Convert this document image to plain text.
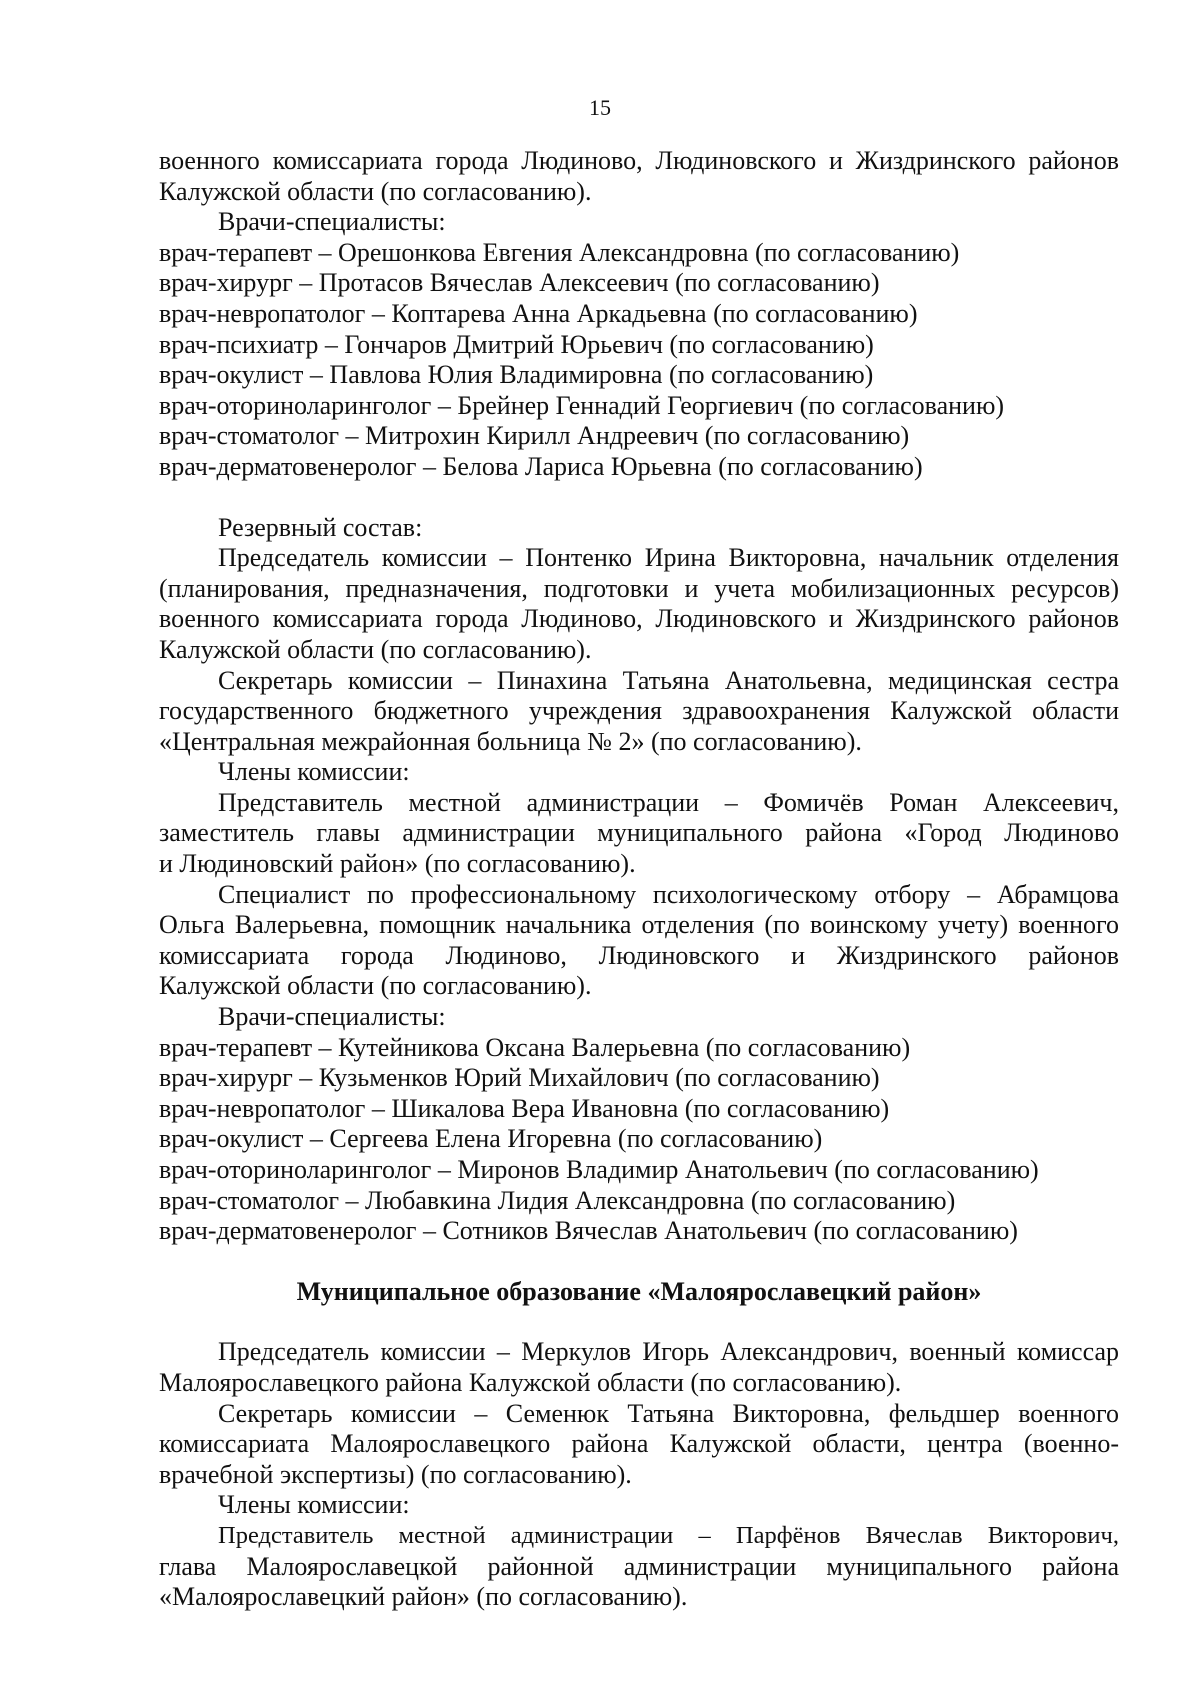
15
военного комиссариата города Людиново, Людиновского и Жиздринского районов
Калужской области (по согласованию).
Врачи-специалисты:
врач-терапевт – Орешонкова Евгения Александровна (по согласованию)
врач-хирург – Протасов Вячеслав Алексеевич (по согласованию)
врач-невропатолог – Коптарева Анна Аркадьевна (по согласованию)
врач-психиатр – Гончаров Дмитрий Юрьевич (по согласованию)
врач-окулист – Павлова Юлия Владимировна (по согласованию)
врач-оториноларинголог – Брейнер Геннадий Георгиевич (по согласованию)
врач-стоматолог – Митрохин Кирилл Андреевич (по согласованию)
врач-дерматовенеролог – Белова Лариса Юрьевна (по согласованию)
Резервный состав:
Председатель комиссии – Понтенко Ирина Викторовна, начальник отделения
(планирования, предназначения, подготовки и учета мобилизационных ресурсов)
военного комиссариата города Людиново, Людиновского и Жиздринского районов
Калужской области (по согласованию).
Секретарь комиссии – Пинахина Татьяна Анатольевна, медицинская сестра
государственного бюджетного учреждения здравоохранения Калужской области
«Центральная межрайонная больница № 2» (по согласованию).
Члены комиссии:
Представитель местной администрации – Фомичёв Роман Алексеевич,
заместитель главы администрации муниципального района «Город Людиново
и Людиновский район» (по согласованию).
Специалист по профессиональному психологическому отбору – Абрамцова
Ольга Валерьевна, помощник начальника отделения (по воинскому учету) военного
комиссариата города Людиново, Людиновского и Жиздринского районов
Калужской области (по согласованию).
Врачи-специалисты:
врач-терапевт – Кутейникова Оксана Валерьевна (по согласованию)
врач-хирург – Кузьменков Юрий Михайлович (по согласованию)
врач-невропатолог – Шикалова Вера Ивановна (по согласованию)
врач-окулист – Сергеева Елена Игоревна (по согласованию)
врач-оториноларинголог – Миронов Владимир Анатольевич (по согласованию)
врач-стоматолог – Любавкина Лидия Александровна (по согласованию)
врач-дерматовенеролог – Сотников Вячеслав Анатольевич (по согласованию)
Муниципальное образование «Малоярославецкий район»
Председатель комиссии – Меркулов Игорь Александрович, военный комиссар
Малоярославецкого района Калужской области (по согласованию).
Секретарь комиссии – Семенюк Татьяна Викторовна, фельдшер военного
комиссариата Малоярославецкого района Калужской области, центра (военно-
врачебной экспертизы) (по согласованию).
Члены комиссии:
Представитель местной администрации – Парфёнов Вячеслав Викторович,
глава Малоярославецкой районной администрации муниципального района
«Малоярославецкий район» (по согласованию).
